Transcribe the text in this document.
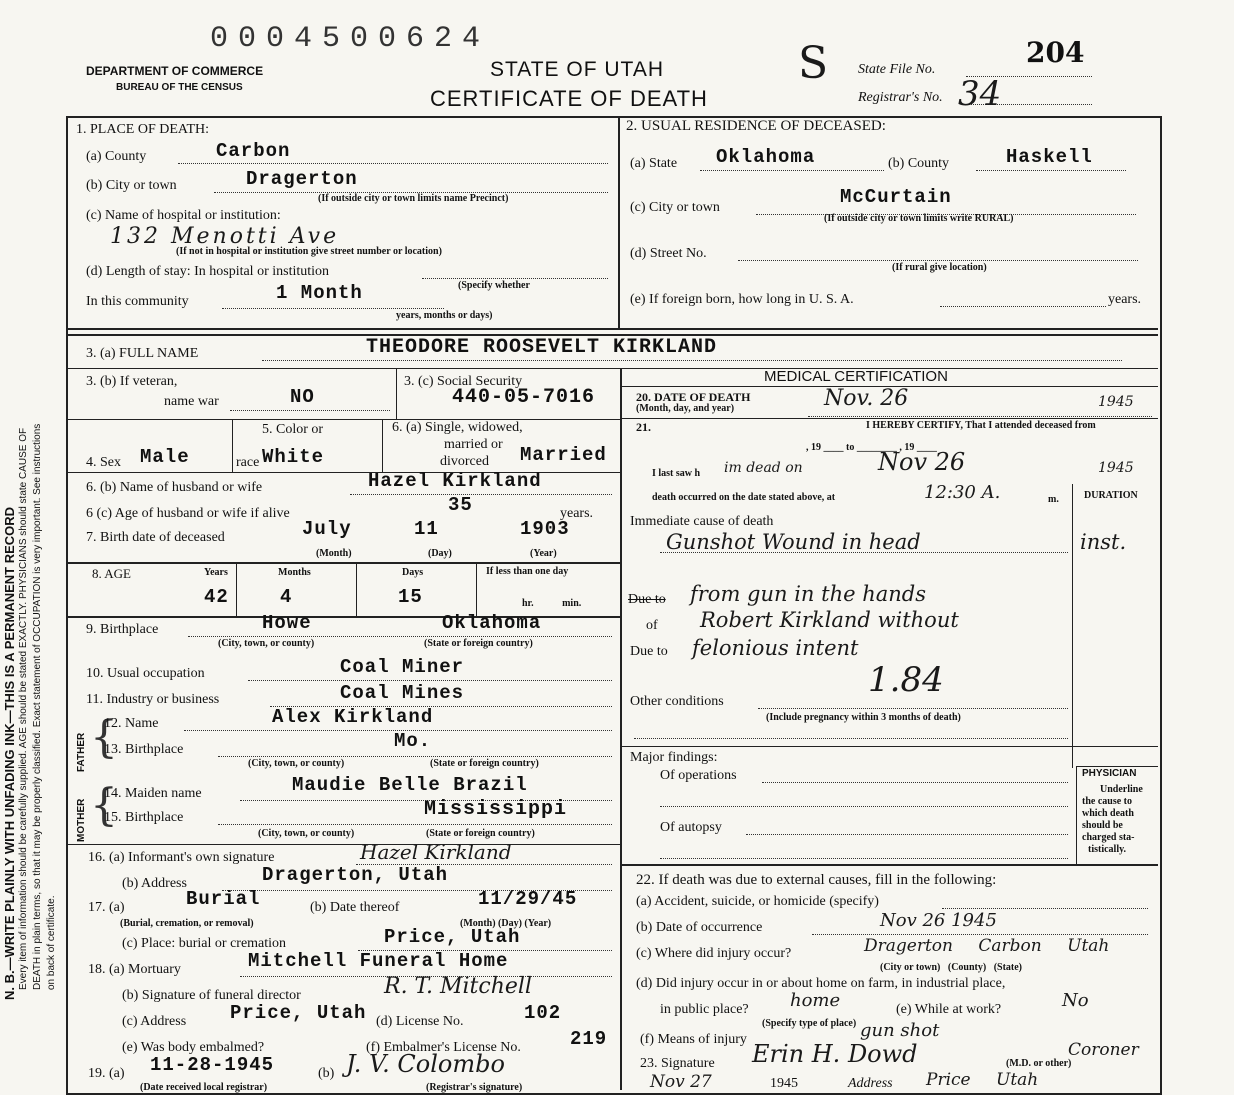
N. B.—WRITE PLAINLY WITH UNFADING INK—THIS IS A PERMANENT RECORD Every item of information should be carefully supplied. AGE should be stated EXACTLY. PHYSICIANS should state CAUSE OF DEATH in plain terms, so that it may be properly classified. Exact statement of OCCUPATION is very important. See instructions on back of certificate.
0004500624
DEPARTMENT OF COMMERCE
BUREAU OF THE CENSUS
STATE OF UTAH
CERTIFICATE OF DEATH
S State File No.
204
Registrar's No. 34
1. PLACE OF DEATH:
(a) County	Carbon
(b) City or town	Dragerton
(If outside city or town limits name Precinct)
(c) Name of hospital or institution:
132 Menotti Ave
(If not in hospital or institution give street number or location)
(d) Length of stay: In hospital or institution
In this community	1 Month	(Specify whether
years, months or days)
2. USUAL RESIDENCE OF DECEASED:
(a) State Oklahoma	(b) County	Haskell
(c) City or town	McCurtain
(If outside city or town limits write RURAL)
(d) Street No.
(If rural give location)
(e) If foreign born, how long in U. S. A.	years.
3. (a) FULL NAME	THEODORE ROOSEVELT KIRKLAND
3. (b) If veteran,
name war	NO
3. (c) Social Security
440-05-7016
4. Sex Male
5. Color or
race White
6. (a) Single, widowed,
married or
divorced Married
6. (b) Name of husband or wife	Hazel Kirkland
6 (c) Age of husband or wife if alive	35	years.
7. Birth date of deceased	July	11	1903
(Month)	(Day)	(Year)
8. AGE	Years
42
Months
4
Days
15
If less than one day
hr. min.
9. Birthplace	Howe	Oklahoma
(City, town, or county)	(State or foreign country)
10. Usual occupation	Coal Miner
11. Industry or business	Coal Mines
FATHER
MOTHER
{
{
12. Name	Alex Kirkland
13. Birthplace	Mo.
(City, town, or county)	(State or foreign country)
14. Maiden name	Maudie Belle Brazil
15. Birthplace	Mississippi
(City, town, or county)	(State or foreign country)
16. (a) Informant's own signature	Hazel Kirkland
(b) Address	Dragerton, Utah
17. (a)	Burial	(b) Date thereof	11/29/45
(Burial, cremation, or removal)	(Month) (Day) (Year)
(c) Place: burial or cremation	Price, Utah
18. (a) Mortuary	Mitchell Funeral Home
(b) Signature of funeral director	R. T. Mitchell
(c) Address Price, Utah (d) License No.	102
(e) Was body embalmed?	(f) Embalmer's License No.	219
19. (a) 11-28-1945	(b) J. V. Colombo
(Date received local registrar)	(Registrar's signature)
MEDICAL CERTIFICATION
20. DATE OF DEATH
(Month, day, and year)	Nov. 26	1945
21.	I HEREBY CERTIFY, That I attended deceased from
, 19 ____ to ________ , 19 ____
I last saw h im dead on	Nov 26	1945
death occurred on the date stated above, at	12:30 A.	m.	DURATION
Immediate cause of death
Gunshot Wound in head	inst.
Due to from gun in the hands
of Robert Kirkland without
Due to felonious intent
1.84
Other conditions
(Include pregnancy within 3 months of death)
Major findings:
Of operations
Of autopsy
PHYSICIAN
Underline
the cause to
which death
should be
charged sta-
tistically.
22. If death was due to external causes, fill in the following:
(a) Accident, suicide, or homicide (specify)
(b) Date of occurrence	Nov 26 1945
(c) Where did injury occur?	Dragerton Carbon Utah
(City or town)   (County)   (State)
(d) Did injury occur in or about home on farm, in industrial place,
in public place? home	(e) While at work?	No
(Specify type of place)
(f) Means of injury	gun shot
23. Signature Erin H. Dowd	(M.D. or other)
Coroner
Nov 27	1945	Address Price Utah
